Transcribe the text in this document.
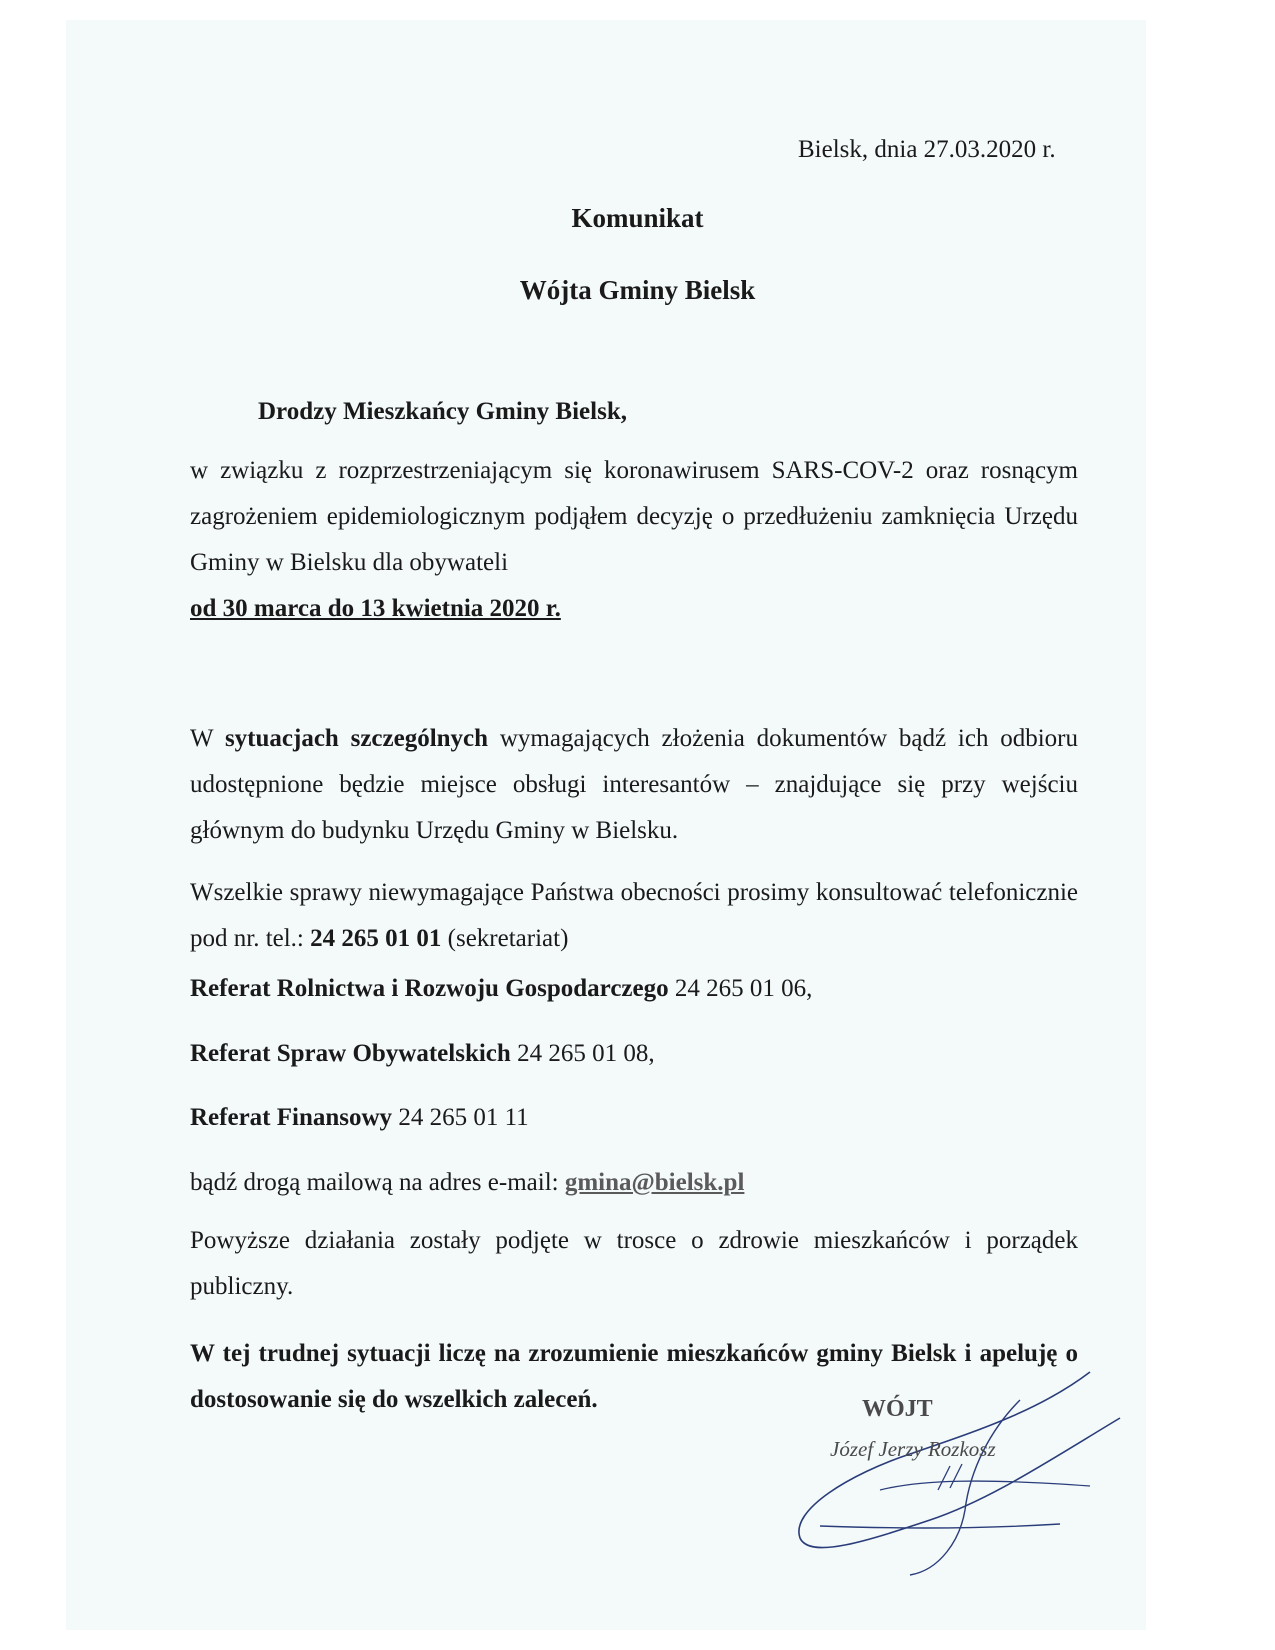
Bielsk, dnia 27.03.2020 r.
Komunikat
Wójta Gminy Bielsk
Drodzy Mieszkańcy Gminy Bielsk,
w związku z rozprzestrzeniającym się koronawirusem SARS-COV-2 oraz rosnącym zagrożeniem epidemiologicznym podjąłem decyzję o przedłużeniu zamknięcia Urzędu Gminy w Bielsku dla obywateli
od 30 marca do 13 kwietnia 2020 r.
W sytuacjach szczególnych wymagających złożenia dokumentów bądź ich odbioru udostępnione będzie miejsce obsługi interesantów – znajdujące się przy wejściu głównym do budynku Urzędu Gminy w Bielsku.
Wszelkie sprawy niewymagające Państwa obecności prosimy konsultować telefonicznie pod nr. tel.: 24 265 01 01 (sekretariat)
Referat Rolnictwa i Rozwoju Gospodarczego 24 265 01 06,
Referat Spraw Obywatelskich 24 265 01 08,
Referat Finansowy 24 265 01 11
bądź drogą mailową na adres e-mail: gmina@bielsk.pl
Powyższe działania zostały podjęte w trosce o zdrowie mieszkańców i porządek publiczny.
W tej trudnej sytuacji liczę na zrozumienie mieszkańców gminy Bielsk i apeluję o dostosowanie się do wszelkich zaleceń.	WÓJT
Józef Jerzy Rozkosz
